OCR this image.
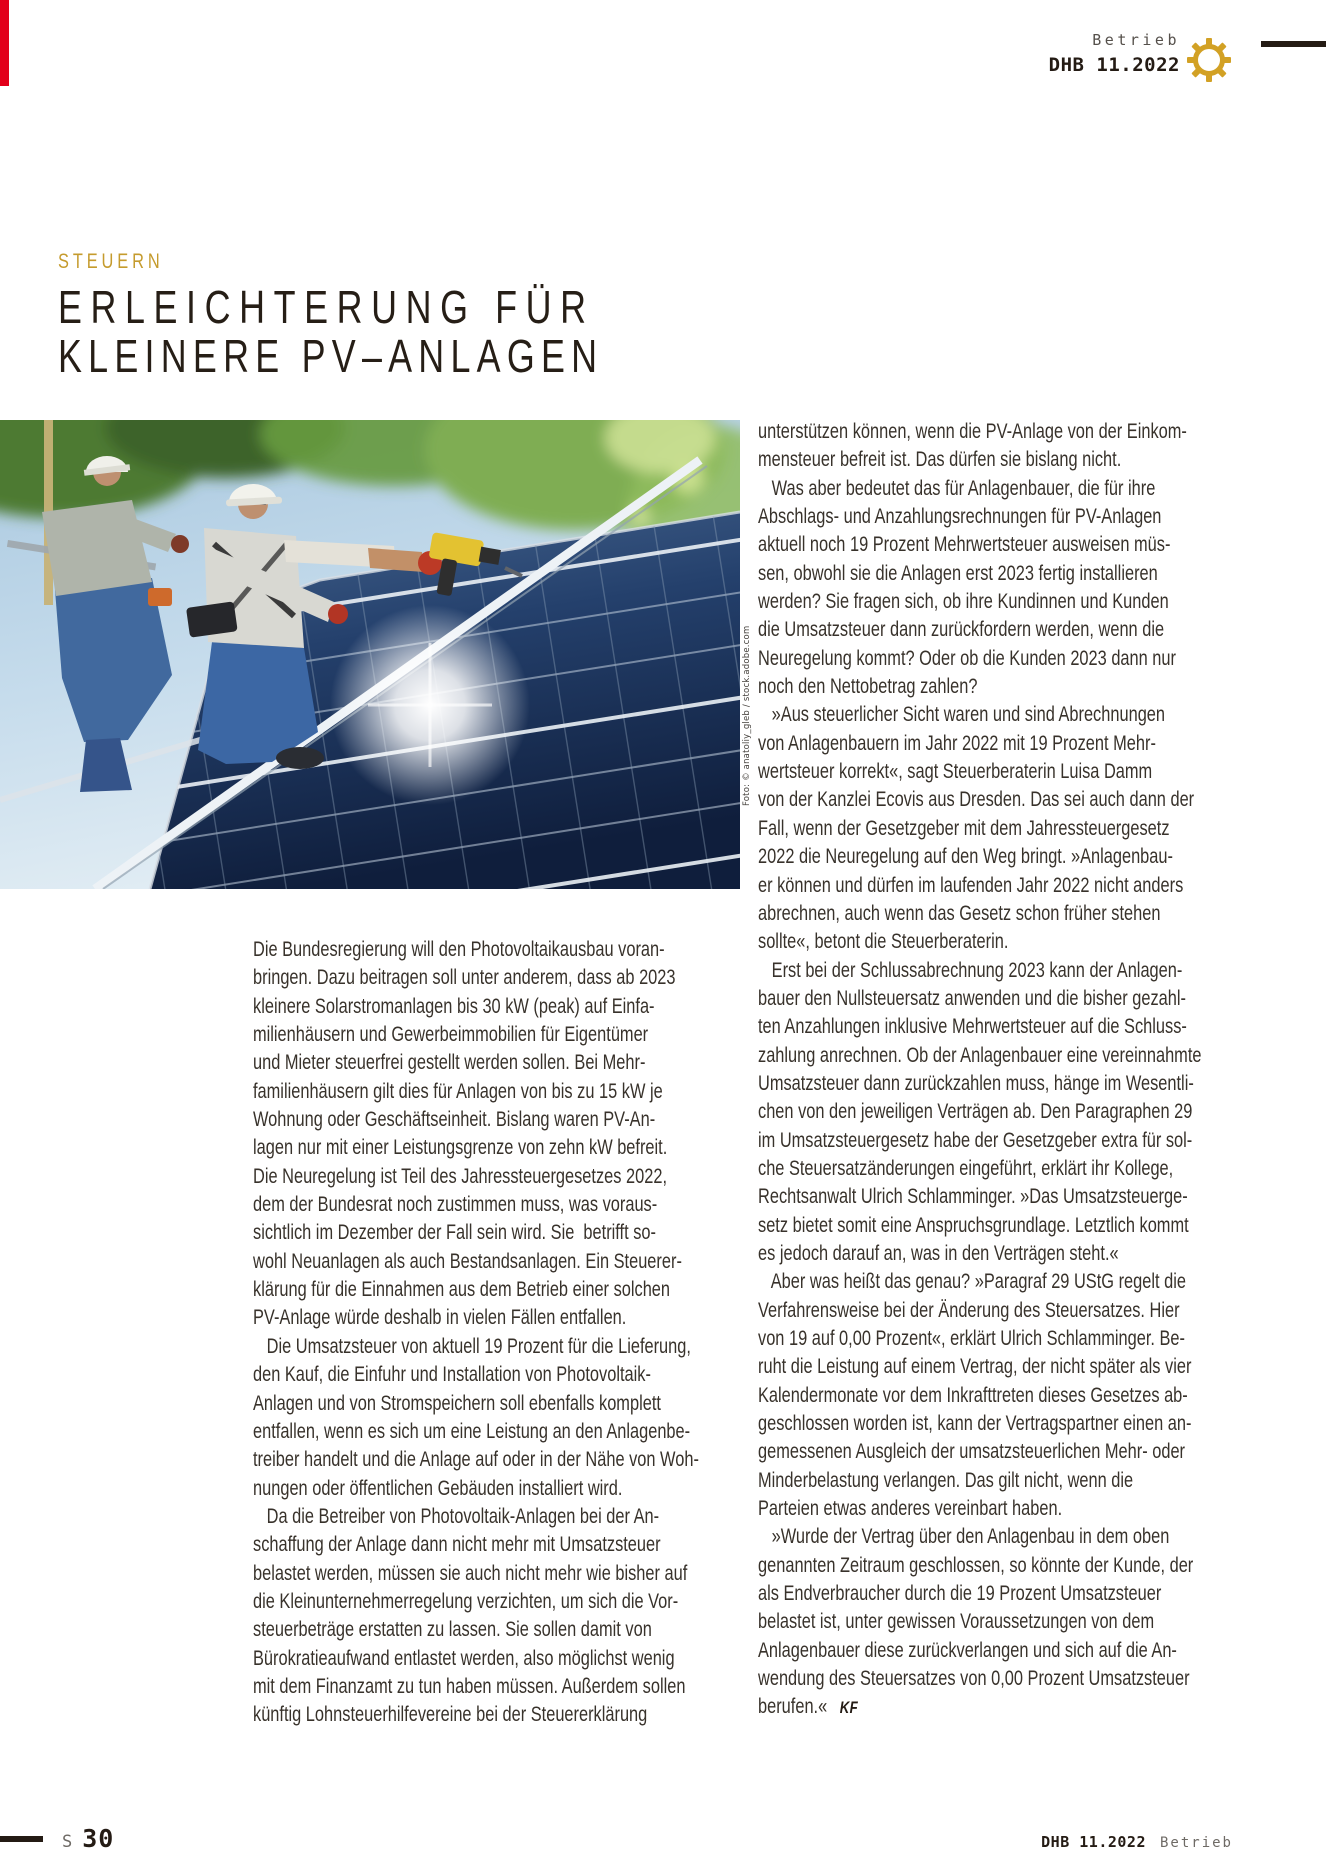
Betrieb
DHB 11.2022
STEUERN
ERLEICHTERUNG FÜR
KLEINERE PV–ANLAGEN
Foto: © anatoliy_gleb / stock.adobe.com
Die Bundesregierung will den Photovoltaikausbau voran-
bringen. Dazu beitragen soll unter anderem, dass ab 2023
kleinere Solarstromanlagen bis 30 kW (peak) auf Einfa-
milienhäusern und Gewerbeimmobilien für Eigentümer
und Mieter steuerfrei gestellt werden sollen. Bei Mehr-
familienhäusern gilt dies für Anlagen von bis zu 15 kW je
Wohnung oder Geschäftseinheit. Bislang waren PV-An-
lagen nur mit einer Leistungsgrenze von zehn kW befreit.
Die Neuregelung ist Teil des Jahressteuergesetzes 2022,
dem der Bundesrat noch zustimmen muss, was voraus-
sichtlich im Dezember der Fall sein wird. Sie  betrifft so-
wohl Neuanlagen als auch Bestandsanlagen. Ein Steuerer-
klärung für die Einnahmen aus dem Betrieb einer solchen
PV-Anlage würde deshalb in vielen Fällen entfallen.
Die Umsatzsteuer von aktuell 19 Prozent für die Lieferung,
den Kauf, die Einfuhr und Installation von Photovoltaik-
Anlagen und von Stromspeichern soll ebenfalls komplett
entfallen, wenn es sich um eine Leistung an den Anlagenbe-
treiber handelt und die Anlage auf oder in der Nähe von Woh-
nungen oder öffentlichen Gebäuden installiert wird.
Da die Betreiber von Photovoltaik-Anlagen bei der An-
schaffung der Anlage dann nicht mehr mit Umsatzsteuer
belastet werden, müssen sie auch nicht mehr wie bisher auf
die Kleinunternehmerregelung verzichten, um sich die Vor-
steuerbeträge erstatten zu lassen. Sie sollen damit von
Bürokratieaufwand entlastet werden, also möglichst wenig
mit dem Finanzamt zu tun haben müssen. Außerdem sollen
künftig Lohnsteuerhilfevereine bei der Steuererklärung
unterstützen können, wenn die PV-Anlage von der Einkom-
mensteuer befreit ist. Das dürfen sie bislang nicht.
Was aber bedeutet das für Anlagenbauer, die für ihre
Abschlags- und Anzahlungsrechnungen für PV-Anlagen
aktuell noch 19 Prozent Mehrwertsteuer ausweisen müs-
sen, obwohl sie die Anlagen erst 2023 fertig installieren
werden? Sie fragen sich, ob ihre Kundinnen und Kunden
die Umsatzsteuer dann zurückfordern werden, wenn die
Neuregelung kommt? Oder ob die Kunden 2023 dann nur
noch den Nettobetrag zahlen?
»Aus steuerlicher Sicht waren und sind Abrechnungen
von Anlagenbauern im Jahr 2022 mit 19 Prozent Mehr-
wertsteuer korrekt«, sagt Steuerberaterin Luisa Damm
von der Kanzlei Ecovis aus Dresden. Das sei auch dann der
Fall, wenn der Gesetzgeber mit dem Jahressteuergesetz
2022 die Neuregelung auf den Weg bringt. »Anlagenbau-
er können und dürfen im laufenden Jahr 2022 nicht anders
abrechnen, auch wenn das Gesetz schon früher stehen
sollte«, betont die Steuerberaterin.
Erst bei der Schlussabrechnung 2023 kann der Anlagen-
bauer den Nullsteuersatz anwenden und die bisher gezahl-
ten Anzahlungen inklusive Mehrwertsteuer auf die Schluss-
zahlung anrechnen. Ob der Anlagenbauer eine vereinnahmte
Umsatzsteuer dann zurückzahlen muss, hänge im Wesentli-
chen von den jeweiligen Verträgen ab. Den Paragraphen 29
im Umsatzsteuergesetz habe der Gesetzgeber extra für sol-
che Steuersatzänderungen eingeführt, erklärt ihr Kollege,
Rechtsanwalt Ulrich Schlamminger. »Das Umsatzsteuerge-
setz bietet somit eine Anspruchsgrundlage. Letztlich kommt
es jedoch darauf an, was in den Verträgen steht.«
Aber was heißt das genau? »Paragraf 29 UStG regelt die
Verfahrensweise bei der Änderung des Steuersatzes. Hier
von 19 auf 0,00 Prozent«, erklärt Ulrich Schlamminger. Be-
ruht die Leistung auf einem Vertrag, der nicht später als vier
Kalendermonate vor dem Inkrafttreten dieses Gesetzes ab-
geschlossen worden ist, kann der Vertragspartner einen an-
gemessenen Ausgleich der umsatzsteuerlichen Mehr- oder
Minderbelastung verlangen. Das gilt nicht, wenn die
Parteien etwas anderes vereinbart haben.
»Wurde der Vertrag über den Anlagenbau in dem oben
genannten Zeitraum geschlossen, so könnte der Kunde, der
als Endverbraucher durch die 19 Prozent Umsatzsteuer
belastet ist, unter gewissen Voraussetzungen von dem
Anlagenbauer diese zurückverlangen und sich auf die An-
wendung des Steuersatzes von 0,00 Prozent Umsatzsteuer
berufen.« KF
S 30	DHB 11.2022 Betrieb
